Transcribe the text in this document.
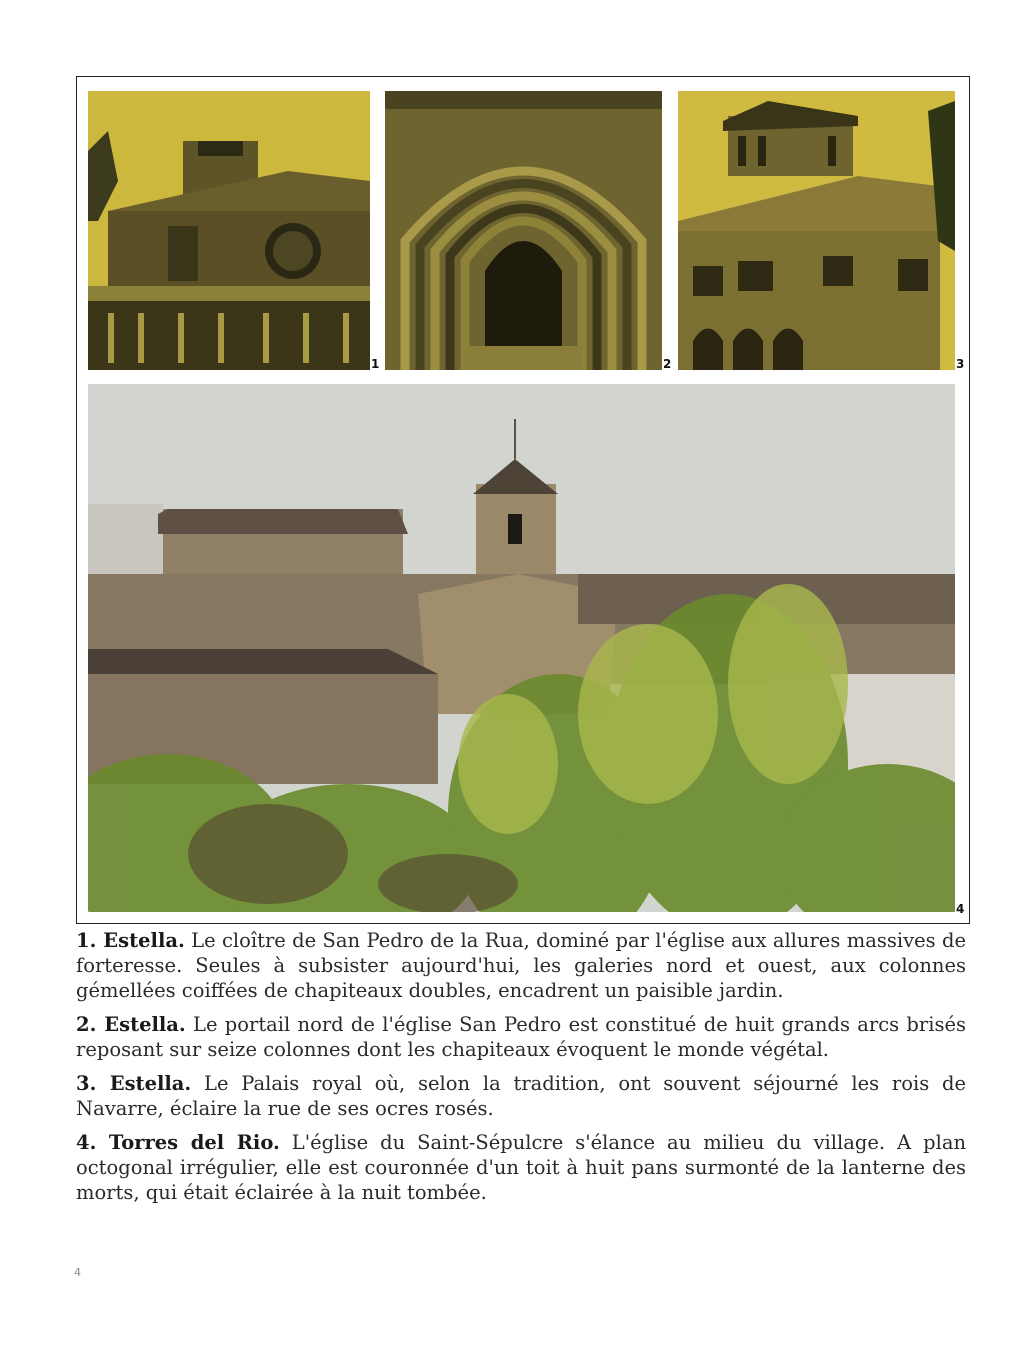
1	2	3
4

1. Estella. Le cloître de San Pedro de la Rua, dominé par l'église aux allures massives de forteresse. Seules à subsister aujourd'hui, les galeries nord et ouest, aux colonnes gémellées coiffées de chapiteaux doubles, encadrent un paisible jardin.

2. Estella. Le portail nord de l'église San Pedro est constitué de huit grands arcs brisés reposant sur seize colonnes dont les chapiteaux évoquent le monde végétal.

3. Estella. Le Palais royal où, selon la tradition, ont souvent séjourné les rois de Navarre, éclaire la rue de ses ocres rosés.

4. Torres del Rio. L'église du Saint-Sépulcre s'élance au milieu du village. A plan octogonal irrégulier, elle est couronnée d'un toit à huit pans surmonté de la lanterne des morts, qui était éclairée à la nuit tombée.

4
